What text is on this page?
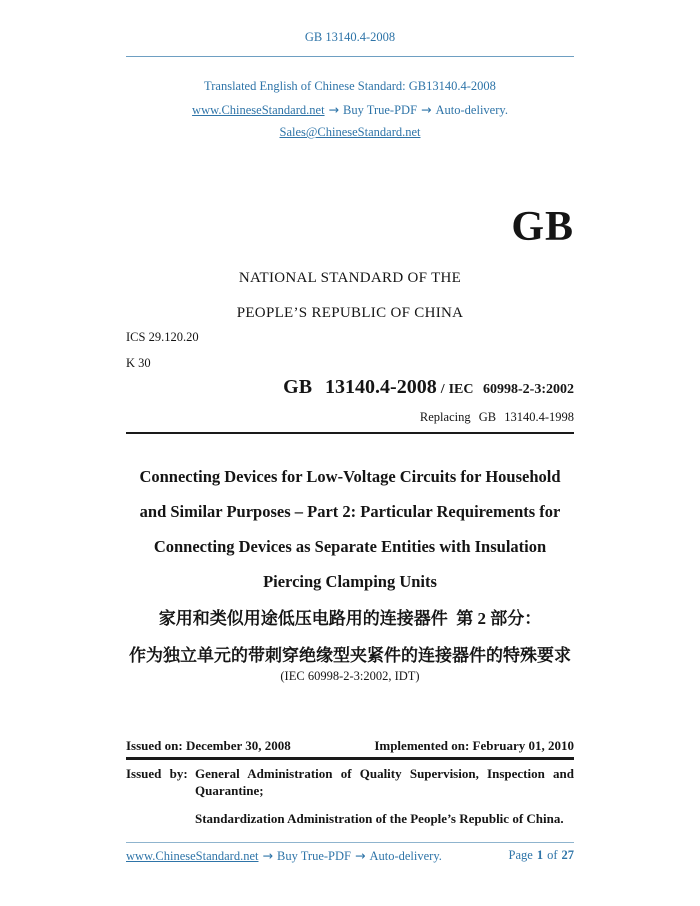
GB 13140.4-2008
Translated English of Chinese Standard: GB13140.4-2008
www.ChineseStandard.net → Buy True-PDF → Auto-delivery.
Sales@ChineseStandard.net
GB
NATIONAL STANDARD OF THE
PEOPLE’S REPUBLIC OF CHINA
ICS 29.120.20
K 30
GB 13140.4-2008 / IEC 60998-2-3:2002
Replacing GB 13140.4-1998
Connecting Devices for Low-Voltage Circuits for Household
and Similar Purposes – Part 2: Particular Requirements for
Connecting Devices as Separate Entities with Insulation
Piercing Clamping Units
家用和类似用途低压电路用的连接器件  第 2 部分：
作为独立单元的带刺穿绝缘型夹紧件的连接器件的特殊要求
(IEC 60998-2-3:2002, IDT)
Issued on: December 30, 2008	Implemented on: February 01, 2010
Issued by: General Administration of Quality Supervision, Inspection and
Quarantine;
Standardization Administration of the People’s Republic of China.
www.ChineseStandard.net → Buy True-PDF → Auto-delivery.	Page 1 of 27
